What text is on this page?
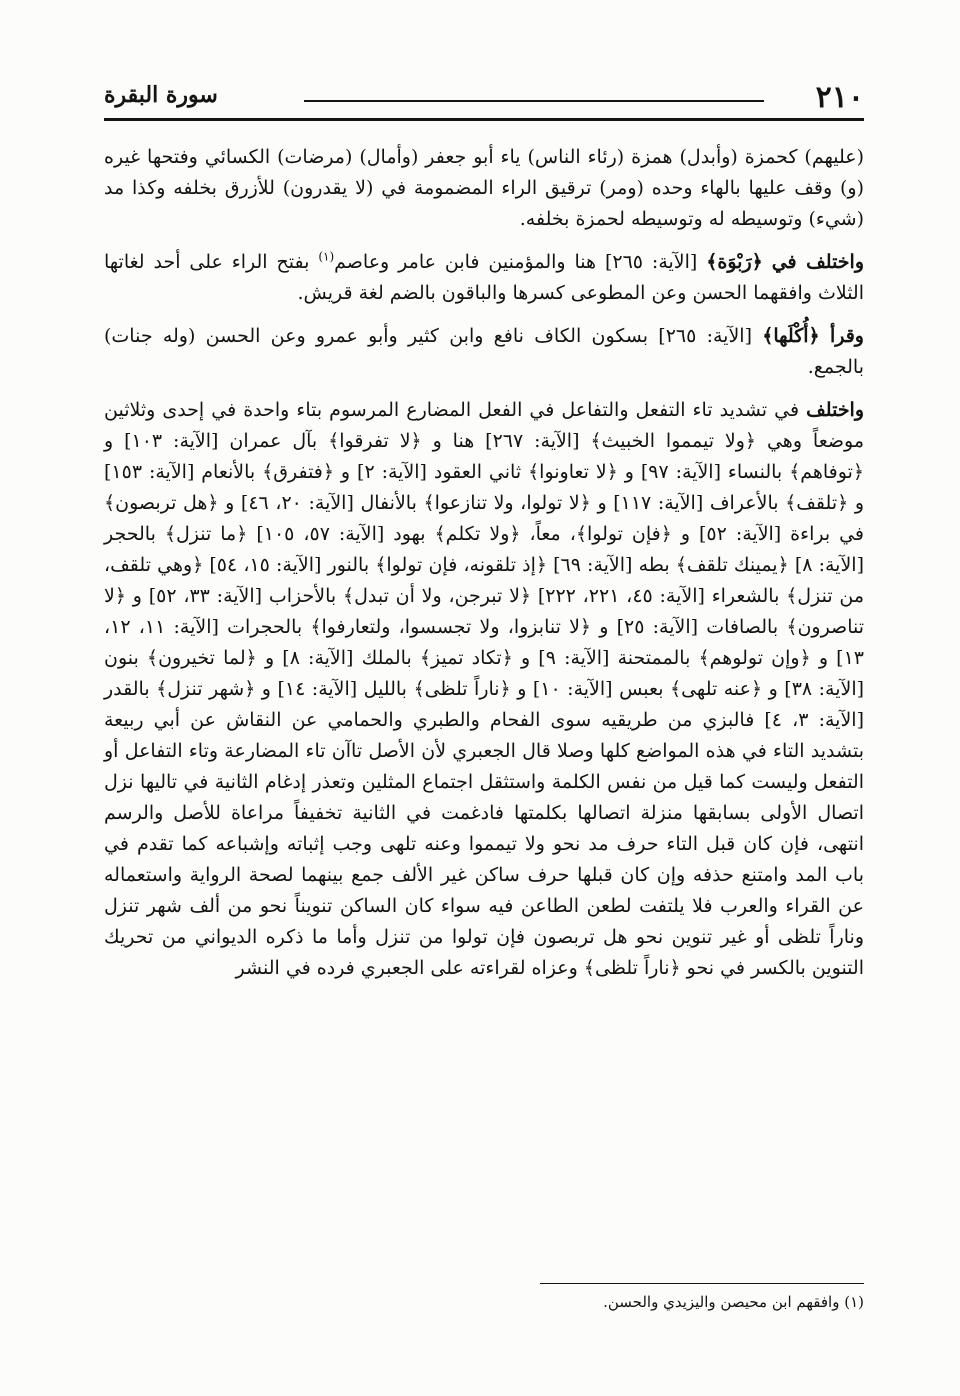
٢١٠
سورة البقرة

(عليهم) كحمزة (وأبدل) همزة (رئاء الناس) ياء أبو جعفر (وأمال) (مرضات) الكسائي وفتحها غيره (و) وقف عليها بالهاء وحده (ومر) ترقيق الراء المضمومة في (لا يقدرون) للأزرق بخلفه وكذا مد (شيء) وتوسيطه له وتوسيطه لحمزة بخلفه.

واختلف في ﴿رَبْوَة﴾ [الآية: ٢٦٥] هنا والمؤمنين فابن عامر وعاصم$^{(١)}$ بفتح الراء على أحد لغاتها الثلاث وافقهما الحسن وعن المطوعى كسرها والباقون بالضم لغة قريش.

وقرأ ﴿أُكْلَها﴾ [الآية: ٢٦٥] بسكون الكاف نافع وابن كثير وأبو عمرو وعن الحسن (وله جنات) بالجمع.

واختلف في تشديد تاء التفعل والتفاعل في الفعل المضارع المرسوم بتاء واحدة في إحدى وثلاثين موضعاً وهي ﴿ولا تيمموا الخبيث﴾ [الآية: ٢٦٧] هنا و ﴿لا تفرقوا﴾ بآل عمران [الآية: ١٠٣] و ﴿توفاهم﴾ بالنساء [الآية: ٩٧] و ﴿لا تعاونوا﴾ ثاني العقود [الآية: ٢] و ﴿فتفرق﴾ بالأنعام [الآية: ١٥٣] و ﴿تلقف﴾ بالأعراف [الآية: ١١٧] و ﴿لا تولوا، ولا تنازعوا﴾ بالأنفال [الآية: ٢٠، ٤٦] و ﴿هل تربصون﴾ في براءة [الآية: ٥٢] و ﴿فإن تولوا﴾، معاً، ﴿ولا تكلم﴾ بهود [الآية: ٥٧، ١٠٥] ﴿ما تنزل﴾ بالحجر [الآية: ٨] ﴿يمينك تلقف﴾ بطه [الآية: ٦٩] ﴿إذ تلقونه، فإن تولوا﴾ بالنور [الآية: ١٥، ٥٤] ﴿وهي تلقف، من تنزل﴾ بالشعراء [الآية: ٤٥، ٢٢١، ٢٢٢] ﴿لا تبرجن، ولا أن تبدل﴾ بالأحزاب [الآية: ٣٣، ٥٢] و ﴿لا تناصرون﴾ بالصافات [الآية: ٢٥] و ﴿لا تنابزوا، ولا تجسسوا، ولتعارفوا﴾ بالحجرات [الآية: ١١، ١٢، ١٣] و ﴿وإن تولوهم﴾ بالممتحنة [الآية: ٩] و ﴿تكاد تميز﴾ بالملك [الآية: ٨] و ﴿لما تخيرون﴾ بنون [الآية: ٣٨] و ﴿عنه تلهى﴾ بعبس [الآية: ١٠] و ﴿ناراً تلظى﴾ بالليل [الآية: ١٤] و ﴿شهر تنزل﴾ بالقدر [الآية: ٣، ٤] فالبزي من طريقيه سوى الفحام والطبري والحمامي عن النقاش عن أبي ربيعة بتشديد التاء في هذه المواضع كلها وصلا قال الجعبري لأن الأصل تاآن تاء المضارعة وتاء التفاعل أو التفعل وليست كما قيل من نفس الكلمة واستثقل اجتماع المثلين وتعذر إدغام الثانية في تاليها نزل اتصال الأولى بسابقها منزلة اتصالها بكلمتها فادغمت في الثانية تخفيفاً مراعاة للأصل والرسم انتهى، فإن كان قبل التاء حرف مد نحو ولا تيمموا وعنه تلهى وجب إثباته وإشباعه كما تقدم في باب المد وامتنع حذفه وإن كان قبلها حرف ساكن غير الألف جمع بينهما لصحة الرواية واستعماله عن القراء والعرب فلا يلتفت لطعن الطاعن فيه سواء كان الساكن تنويناً نحو من ألف شهر تنزل وناراً تلظى أو غير تنوين نحو هل تربصون فإن تولوا من تنزل وأما ما ذكره الديواني من تحريك التنوين بالكسر في نحو ﴿ناراً تلظى﴾ وعزاه لقراءته على الجعبري فرده في النشر

(١) وافقهم ابن محيصن واليزيدي والحسن.
